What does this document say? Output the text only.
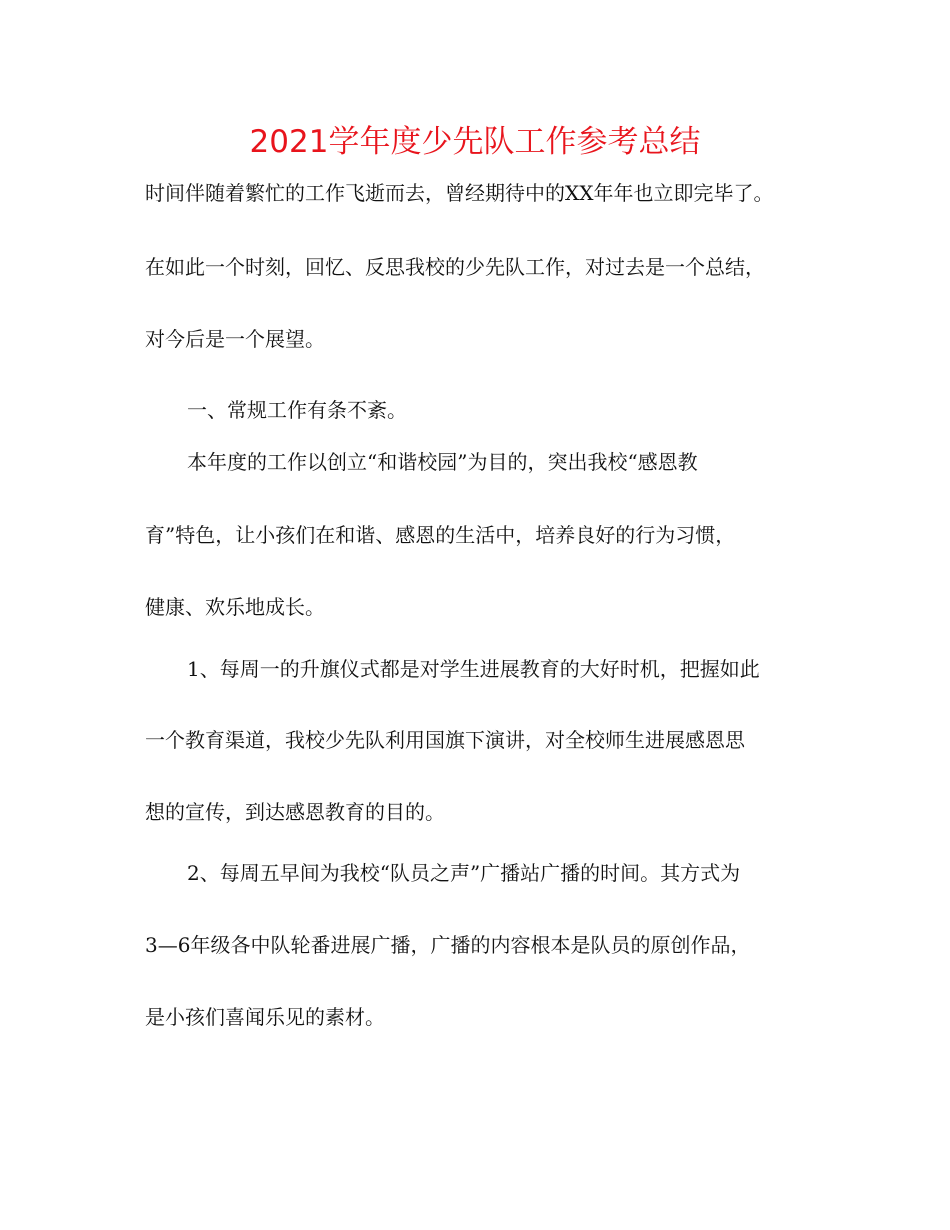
2021学年度少先队工作参考总结
时间伴随着繁忙的工作飞逝而去，曾经期待中的XX年年也立即完毕了。
在如此一个时刻，回忆、反思我校的少先队工作，对过去是一个总结，
对今后是一个展望。
一、常规工作有条不紊。
本年度的工作以创立“和谐校园”为目的，突出我校“感恩教
育”特色，让小孩们在和谐、感恩的生活中，培养良好的行为习惯，
健康、欢乐地成长。
1、每周一的升旗仪式都是对学生进展教育的大好时机，把握如此
一个教育渠道，我校少先队利用国旗下演讲，对全校师生进展感恩思
想的宣传，到达感恩教育的目的。
2、每周五早间为我校“队员之声”广播站广播的时间。其方式为
3—6年级各中队轮番进展广播，广播的内容根本是队员的原创作品，
是小孩们喜闻乐见的素材。
